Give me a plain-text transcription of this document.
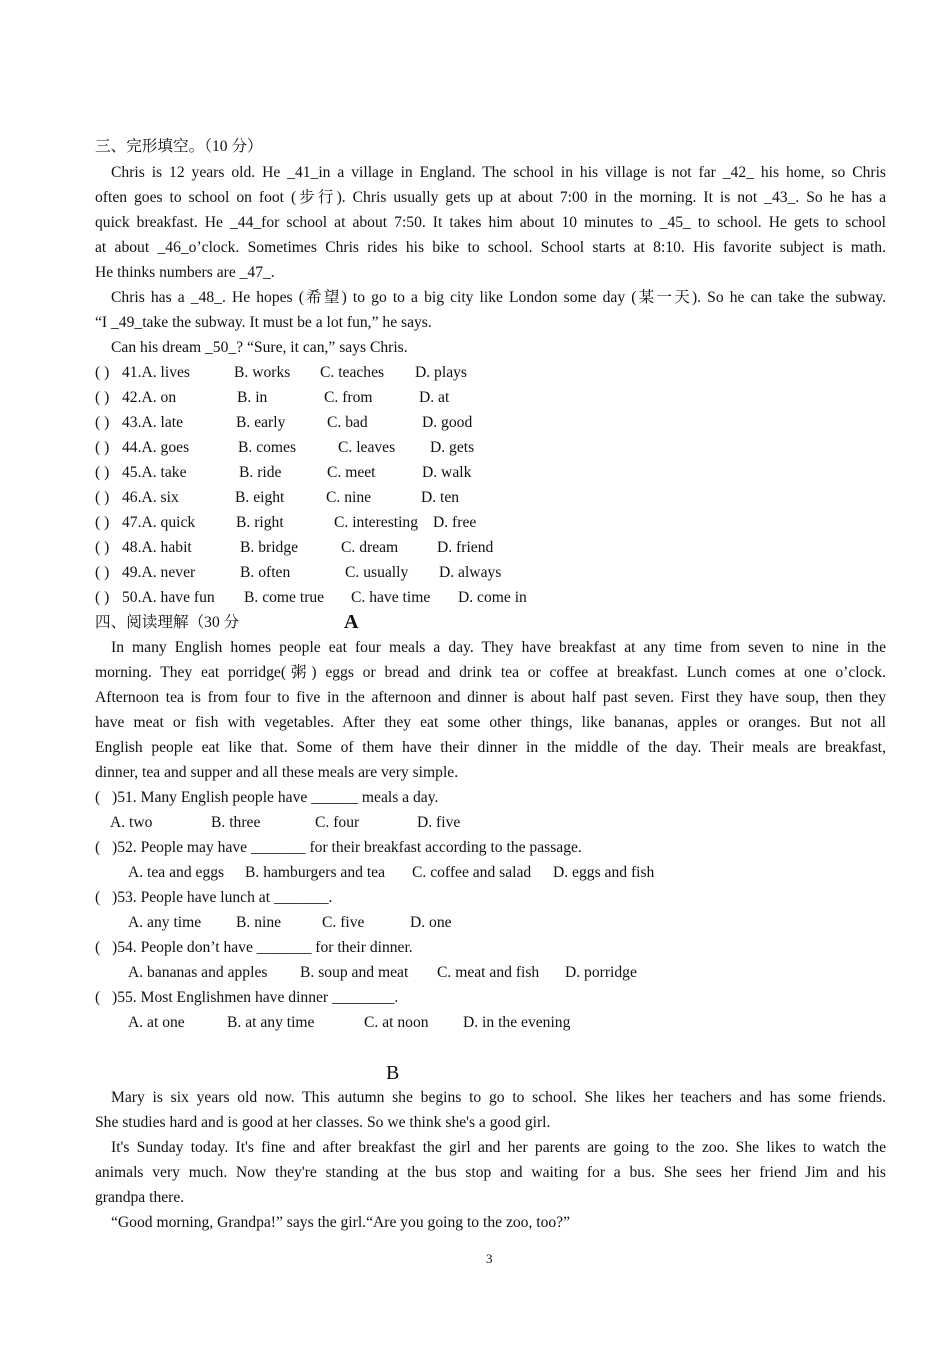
三、完形填空。（10 分）
四、阅读理解（30 分	A
B
3
Chris is 12 years old. He _41_in a village in England. The school in his village is not far _42_ his home, so Chris
often goes to school on foot (步行). Chris usually gets up at about 7:00 in the morning. It is not _43_. So he has a
quick breakfast. He _44_for school at about 7:50. It takes him about 10 minutes to _45_ to school. He gets to school
at about _46_o’clock. Sometimes Chris rides his bike to school. School starts at 8:10. His favorite subject is math.
He thinks numbers are _47_.
Chris has a _48_. He hopes (希望) to go to a big city like London some day (某一天). So he can take the subway.
“I _49_take the subway. It must be a lot fun,” he says.
Can his dream _50_? “Sure, it can,” says Chris.
( ) 41.A. lives	B. works C. teaches D. plays
( ) 42.A. on	B. in	C. from	D. at
( ) 43.A. late	B. early	C. bad	D. good
( ) 44.A. goes	B. comes	C. leaves D. gets
( ) 45.A. take	B. ride	C. meet	D. walk
( ) 46.A. six	B. eight	C. nine	D. ten
( ) 47.A. quick	B. right	C. interesting D. free
( ) 48.A. habit	B. bridge	C. dream D. friend
( ) 49.A. never	B. often	C. usually D. always
( ) 50.A. have fun B. come true C. have time D. come in
In many English homes people eat four meals a day. They have breakfast at any time from seven to nine in the
morning. They eat porridge(粥) eggs or bread and drink tea or coffee at breakfast. Lunch comes at one o’clock.
Afternoon tea is from four to five in the afternoon and dinner is about half past seven. First they have soup, then they
have meat or fish with vegetables. After they eat some other things, like bananas, apples or oranges. But not all
English people eat like that. Some of them have their dinner in the middle of the day. Their meals are breakfast,
dinner, tea and supper and all these meals are very simple.
( )51. Many English people have ______ meals a day.
A. two	B. three	C. four	D. five
( )52. People may have _______ for their breakfast according to the passage.
A. tea and eggs B. hamburgers and tea C. coffee and salad D. eggs and fish
( )53. People have lunch at _______.
A. any time B. nine	C. five	D. one
( )54. People don’t have _______ for their dinner.
A. bananas and apples B. soup and meat C. meat and fish D. porridge
( )55. Most Englishmen have dinner ________.
A. at one	B. at any time	C. at noon D. in the evening
Mary is six years old now. This autumn she begins to go to school. She likes her teachers and has some friends.
She studies hard and is good at her classes. So we think she's a good girl.
It's Sunday today. It's fine and after breakfast the girl and her parents are going to the zoo. She likes to watch the
animals very much. Now they're standing at the bus stop and waiting for a bus. She sees her friend Jim and his
grandpa there.
“Good morning, Grandpa!” says the girl.“Are you going to the zoo, too?”
